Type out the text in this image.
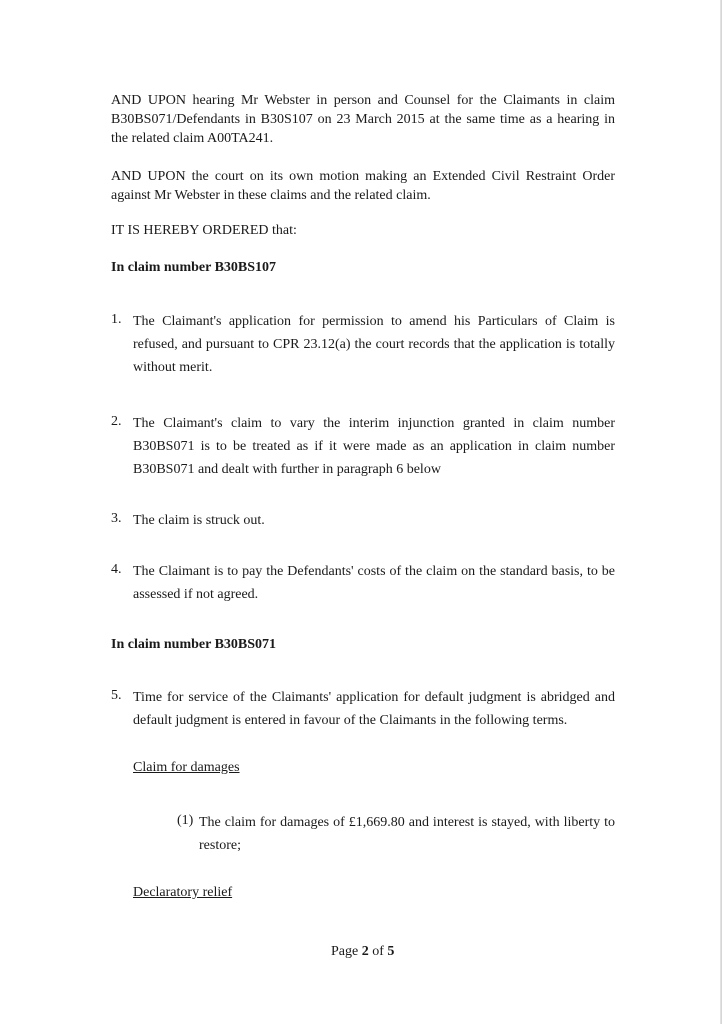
AND UPON hearing Mr Webster in person and Counsel for the Claimants in claim B30BS071/Defendants in B30S107 on 23 March 2015 at the same time as a hearing in the related claim A00TA241.

AND UPON the court on its own motion making an Extended Civil Restraint Order against Mr Webster in these claims and the related claim.

IT IS HEREBY ORDERED that:

In claim number B30BS107

1. The Claimant's application for permission to amend his Particulars of Claim is refused, and pursuant to CPR 23.12(a) the court records that the application is totally without merit.

2. The Claimant's claim to vary the interim injunction granted in claim number B30BS071 is to be treated as if it were made as an application in claim number B30BS071 and dealt with further in paragraph 6 below

3. The claim is struck out.

4. The Claimant is to pay the Defendants' costs of the claim on the standard basis, to be assessed if not agreed.

In claim number B30BS071

5. Time for service of the Claimants' application for default judgment is abridged and default judgment is entered in favour of the Claimants in the following terms.

Claim for damages

(1) The claim for damages of £1,669.80 and interest is stayed, with liberty to restore;

Declaratory relief

Page 2 of 5
